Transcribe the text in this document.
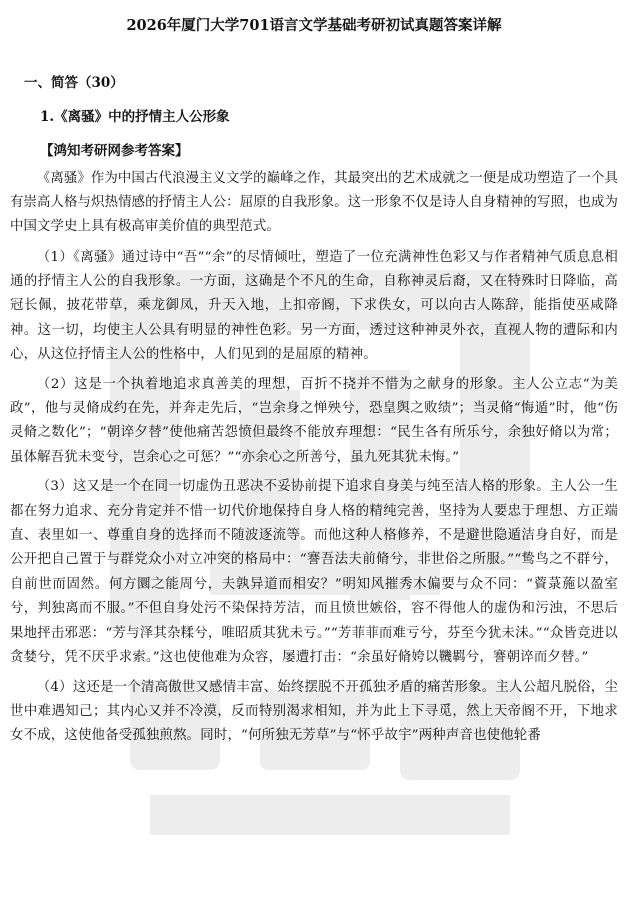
2026年厦门大学701语言文学基础考研初试真题答案详解
一、简答（30）
1.《离骚》中的抒情主人公形象
【鸿知考研网参考答案】

《离骚》作为中国古代浪漫主义文学的巅峰之作，其最突出的艺术成就之一便是成功塑造了一个具有崇高人格与炽热情感的抒情主人公：屈原的自我形象。这一形象不仅是诗人自身精神的写照，也成为中国文学史上具有极高审美价值的典型范式。

（1）《离骚》通过诗中“吾”“余”的尽情倾吐，塑造了一位充满神性色彩又与作者精神气质息息相通的抒情主人公的自我形象。一方面，这确是个不凡的生命，自称神灵后裔，又在特殊时日降临，高冠长佩，披花带草，乘龙御凤，升天入地，上扣帝阍，下求佚女，可以向古人陈辞，能指使巫咸降神。这一切，均使主人公具有明显的神性色彩。另一方面，透过这种神灵外衣，直视人物的遭际和内心，从这位抒情主人公的性格中，人们见到的是屈原的精神。

（2）这是一个执着地追求真善美的理想，百折不挠并不惜为之献身的形象。主人公立志“为美政”，他与灵脩成约在先，并奔走先后，“岂余身之惮殃兮，恐皇舆之败绩”；当灵脩“悔遁”时，他“伤灵脩之数化”；“朝谇夕替”使他痛苦怨愤但最终不能放弃理想：“民生各有所乐兮，余独好脩以为常；虽体解吾犹未变兮，岂余心之可惩？”“亦余心之所善兮，虽九死其犹未悔。”

（3）这又是一个在同一切虚伪丑恶决不妥协前提下追求自身美与纯至洁人格的形象。主人公一生都在努力追求、充分肯定并不惜一切代价地保持自身人格的精纯完善，坚持为人要忠于理想、方正端直、表里如一、尊重自身的选择而不随波逐流等。而他这种人格修养，不是避世隐遁洁身自好，而是公开把自己置于与群党众小对立冲突的格局中：“謇吾法夫前脩兮，非世俗之所服。”“鸷鸟之不群兮，自前世而固然。何方圜之能周兮，夫孰异道而相安？”明知风摧秀木偏要与众不同：“薋菉葹以盈室兮，判独离而不服。”不但自身处污不染保持芳洁，而且愤世嫉俗，容不得他人的虚伪和污浊，不思后果地抨击邪恶：“芳与泽其杂糅兮，唯昭质其犹未亏。”“芳菲菲而难亏兮，芬至今犹未沬。”“众皆竞进以贪婪兮，凭不厌乎求索。”这也使他难为众容，屡遭打击：“余虽好脩姱以鞿羁兮，謇朝谇而夕替。”

（4）这还是一个清高傲世又感情丰富、始终摆脱不开孤独矛盾的痛苦形象。主人公超凡脱俗，尘世中难遇知己；其内心又并不冷漠，反而特别渴求相知，并为此上下寻觅，然上天帝阍不开，下地求女不成，这使他备受孤独煎熬。同时，“何所独无芳草”与“怀乎故宇”两种声音也使他轮番
